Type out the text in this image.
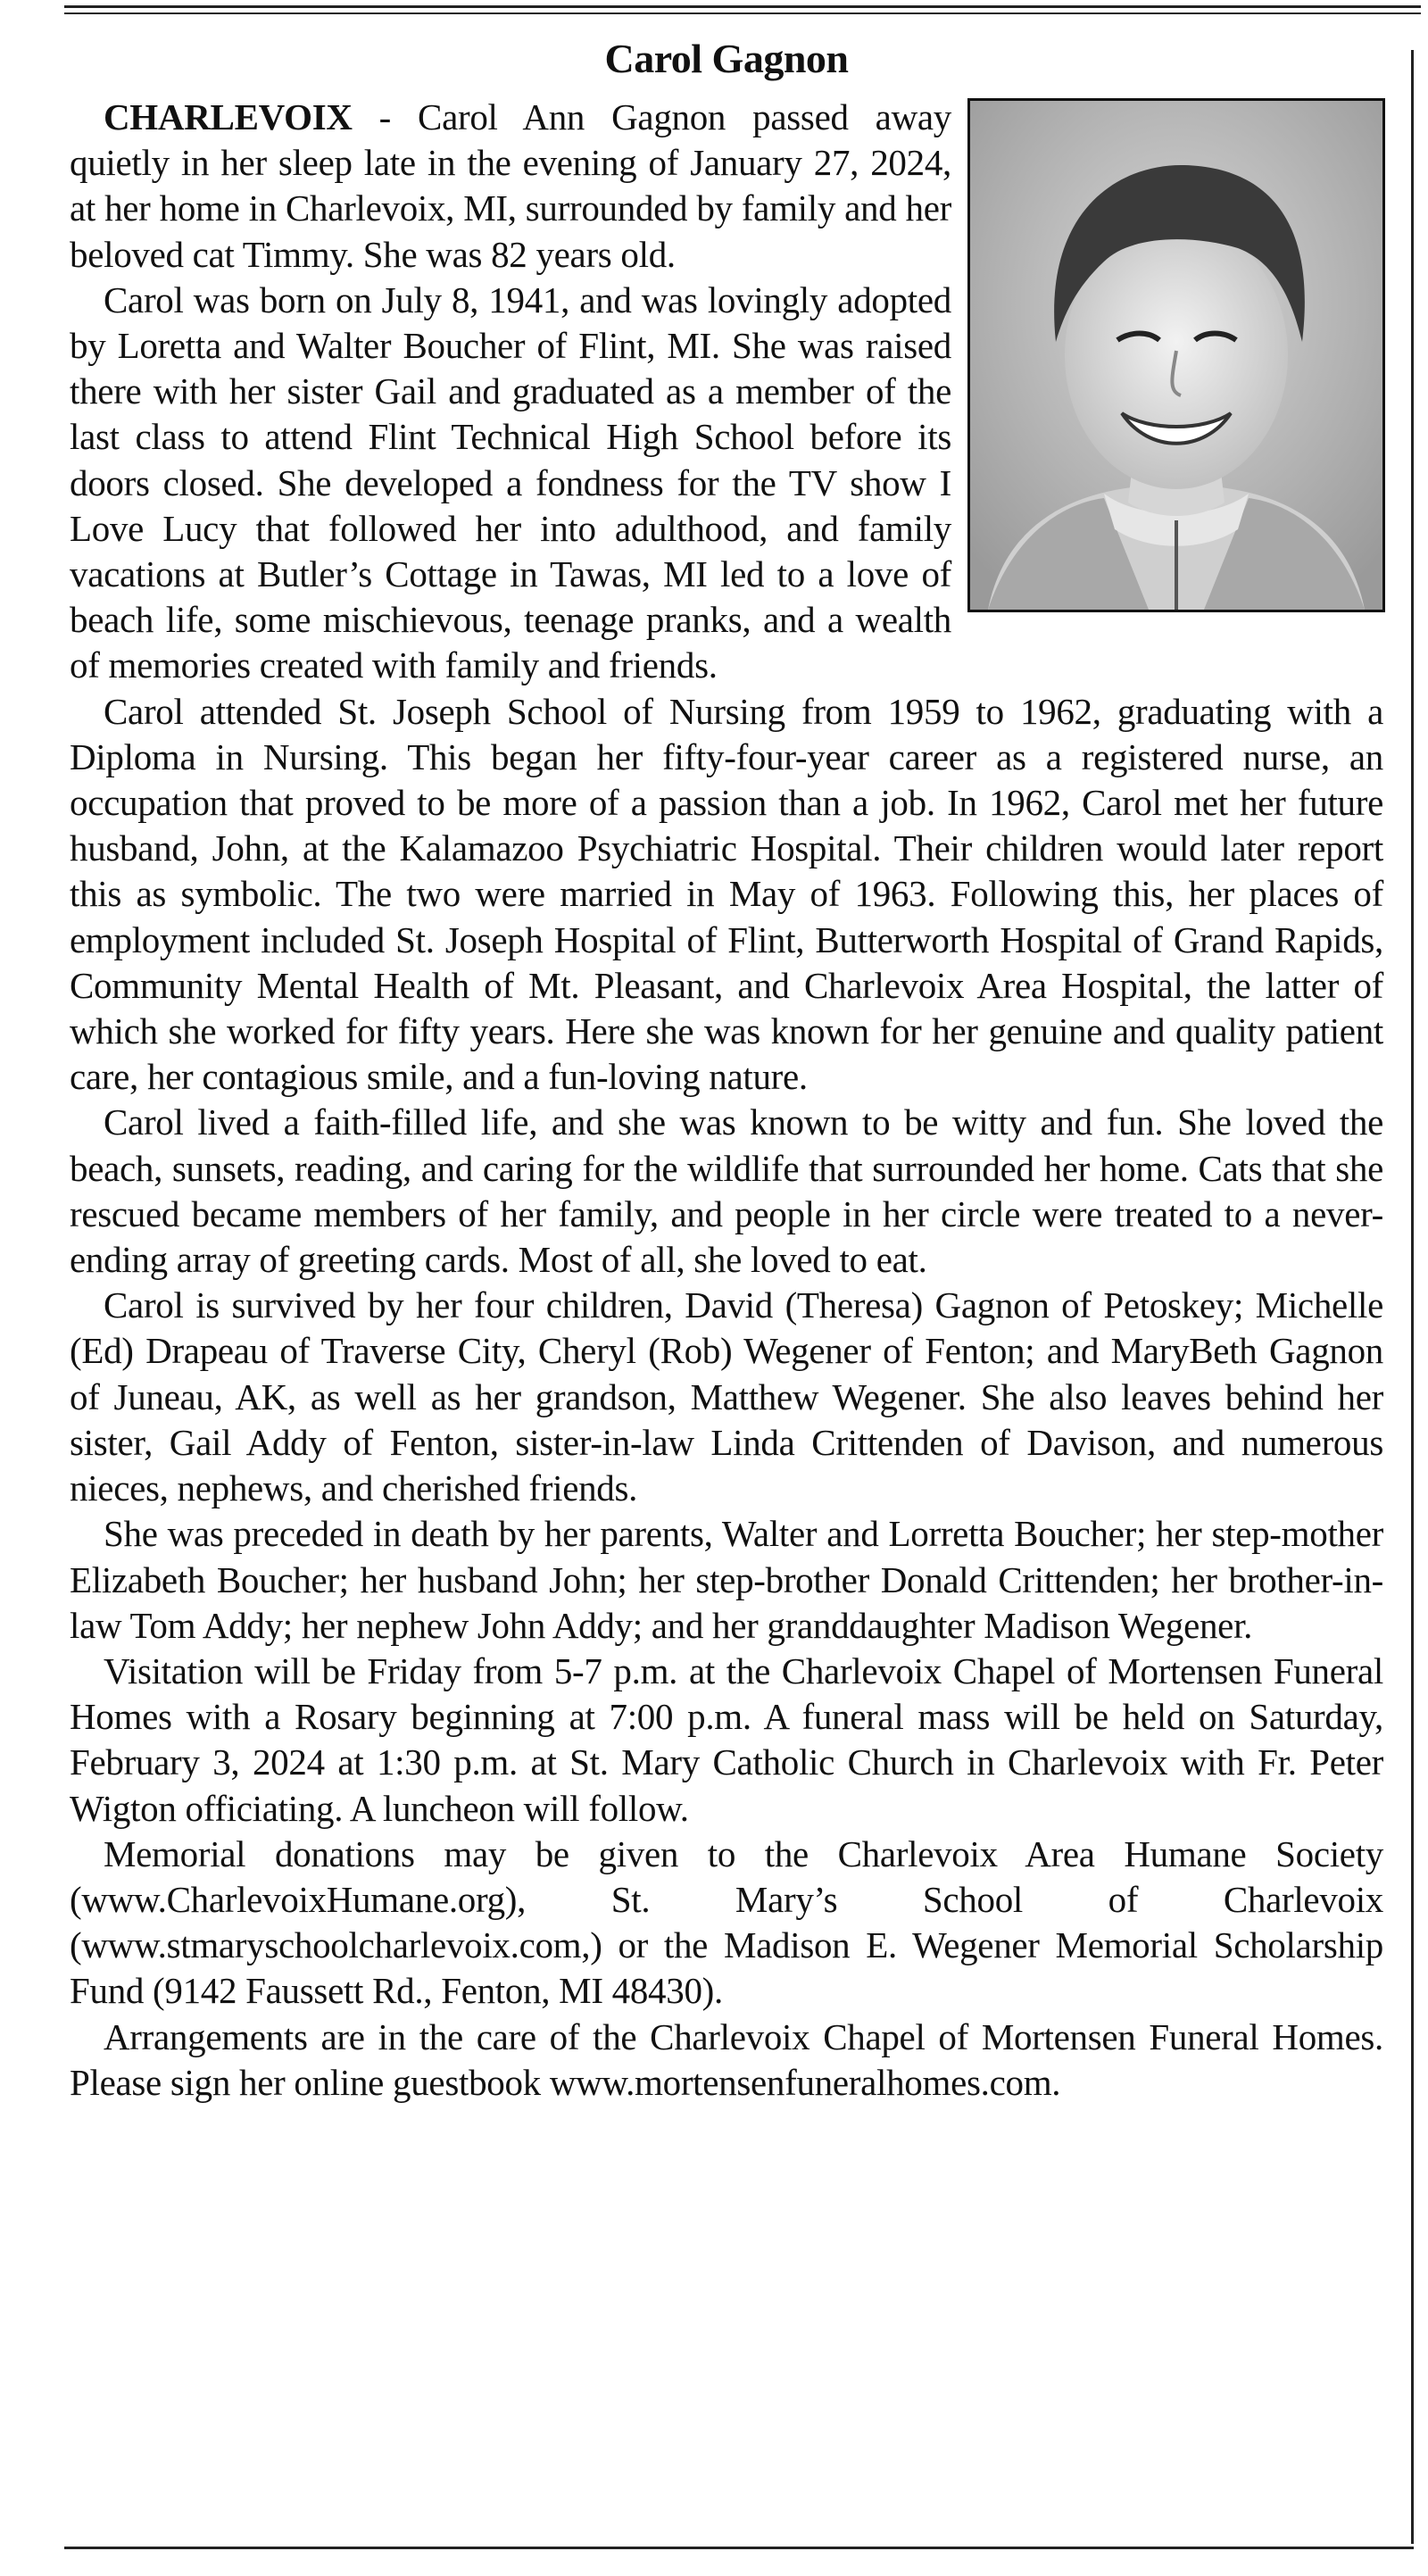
Carol Gagnon

CHARLEVOIX - Carol Ann Gagnon passed away quietly in her sleep late in the evening of January 27, 2024, at her home in Charlevoix, MI, surrounded by family and her beloved cat Timmy. She was 82 years old.

Carol was born on July 8, 1941, and was lovingly adopted by Loretta and Walter Boucher of Flint, MI. She was raised there with her sister Gail and graduated as a member of the last class to attend Flint Technical High School before its doors closed. She developed a fondness for the TV show I Love Lucy that followed her into adulthood, and family vacations at Butler’s Cottage in Tawas, MI led to a love of beach life, some mischievous, teenage pranks, and a wealth of memories created with family and friends.

Carol attended St. Joseph School of Nursing from 1959 to 1962, graduating with a Diploma in Nursing. This began her fifty-four-year career as a registered nurse, an occupation that proved to be more of a passion than a job. In 1962, Carol met her future husband, John, at the Kalamazoo Psychiatric Hospital. Their children would later report this as symbolic. The two were married in May of 1963. Following this, her places of employment included St. Joseph Hospital of Flint, Butterworth Hospital of Grand Rapids, Community Mental Health of Mt. Pleasant, and Charlevoix Area Hospital, the latter of which she worked for fifty years. Here she was known for her genuine and quality patient care, her contagious smile, and a fun-loving nature.

Carol lived a faith-filled life, and she was known to be witty and fun. She loved the beach, sunsets, reading, and caring for the wildlife that surrounded her home. Cats that she rescued became members of her family, and people in her circle were treated to a never-ending array of greeting cards. Most of all, she loved to eat.

Carol is survived by her four children, David (Theresa) Gagnon of Petoskey; Michelle (Ed) Drapeau of Traverse City, Cheryl (Rob) Wegener of Fenton; and MaryBeth Gagnon of Juneau, AK, as well as her grandson, Matthew Wegener. She also leaves behind her sister, Gail Addy of Fenton, sister-in-law Linda Crittenden of Davison, and numerous nieces, nephews, and cherished friends.

She was preceded in death by her parents, Walter and Lorretta Boucher; her step-mother Elizabeth Boucher; her husband John; her step-brother Donald Crittenden; her brother-in-law Tom Addy; her nephew John Addy; and her granddaughter Madison Wegener.

Visitation will be Friday from 5-7 p.m. at the Charlevoix Chapel of Mortensen Funeral Homes with a Rosary beginning at 7:00 p.m. A funeral mass will be held on Saturday, February 3, 2024 at 1:30 p.m. at St. Mary Catholic Church in Charlevoix with Fr. Peter Wigton officiating. A luncheon will follow.

Memorial donations may be given to the Charlevoix Area Humane Society (www.CharlevoixHumane.org), St. Mary’s School of Charlevoix (www.stmaryschoolcharlevoix.com,) or the Madison E. Wegener Memorial Scholarship Fund (9142 Faussett Rd., Fenton, MI 48430).

Arrangements are in the care of the Charlevoix Chapel of Mortensen Funeral Homes. Please sign her online guestbook www.mortensenfuneralhomes.com.
